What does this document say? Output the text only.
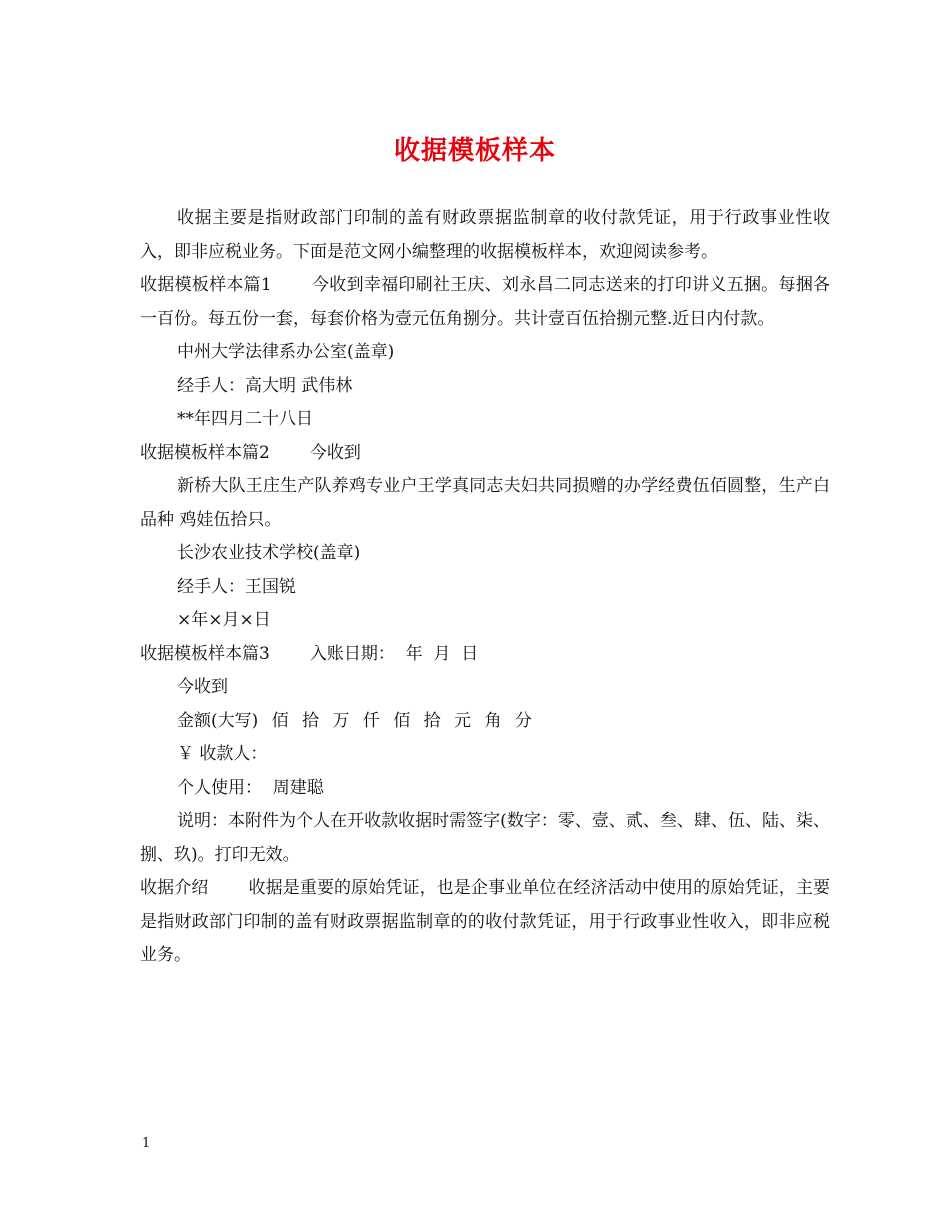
收据模板样本

收据主要是指财政部门印制的盖有财政票据监制章的收付款凭证，用于行政事业性收入，即非应税业务。下面是范文网小编整理的收据模板样本，欢迎阅读参考。

收据模板样本篇1 今收到幸福印刷社王庆、刘永昌二同志送来的打印讲义五捆。每捆各一百份。每五份一套，每套价格为壹元伍角捌分。共计壹百伍拾捌元整.近日内付款。

中州大学法律系办公室(盖章)
经手人：高大明 武伟林
**年四月二十八日
收据模板样本篇2 今收到

新桥大队王庄生产队养鸡专业户王学真同志夫妇共同损赠的办学经费伍佰圆整，生产白品种 鸡娃伍拾只。

长沙农业技术学校(盖章)
经手人：王国锐
×年×月×日
收据模板样本篇3 入账日期：  年  月  日
今收到
金额(大写) 佰 拾 万 仟 佰 拾 元 角 分
￥ 收款人：
个人使用：  周建聪

说明：本附件为个人在开收款收据时需签字(数字：零、壹、贰、叁、肆、伍、陆、柒、捌、玖)。打印无效。

收据介绍 收据是重要的原始凭证，也是企事业单位在经济活动中使用的原始凭证，主要是指财政部门印制的盖有财政票据监制章的的收付款凭证，用于行政事业性收入，即非应税业务。

1
